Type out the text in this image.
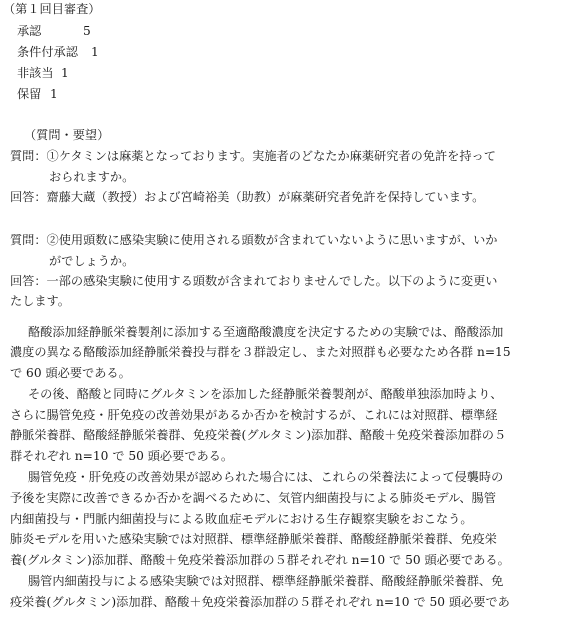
（第１回目審査）
承認	5
条件付承認 1
非該当 1
保留 1
（質問・要望）
質問：①ケタミンは麻薬となっております。実施者のどなたか麻薬研究者の免許を持って
おられますか。
回答：齋藤大蔵（教授）および宮崎裕美（助教）が麻薬研究者免許を保持しています。
質問：②使用頭数に感染実験に使用される頭数が含まれていないように思いますが、いか
がでしょうか。
回答：一部の感染実験に使用する頭数が含まれておりませんでした。以下のように変更い
たします。
酪酸添加経静脈栄養製剤に添加する至適酪酸濃度を決定するための実験では、酪酸添加
濃度の異なる酪酸添加経静脈栄養投与群を３群設定し、また対照群も必要なため各群 n=15
で 60 頭必要である。
その後、酪酸と同時にグルタミンを添加した経静脈栄養製剤が、酪酸単独添加時より、
さらに腸管免疫・肝免疫の改善効果があるか否かを検討するが、これには対照群、標準経
静脈栄養群、酪酸経静脈栄養群、免疫栄養(グルタミン)添加群、酪酸＋免疫栄養添加群の５
群それぞれ n=10 で 50 頭必要である。
腸管免疫・肝免疫の改善効果が認められた場合には、これらの栄養法によって侵襲時の
予後を実際に改善できるか否かを調べるために、気管内細菌投与による肺炎モデル、腸管
内細菌投与・門脈内細菌投与による敗血症モデルにおける生存観察実験をおこなう。
肺炎モデルを用いた感染実験では対照群、標準経静脈栄養群、酪酸経静脈栄養群、免疫栄
養(グルタミン)添加群、酪酸＋免疫栄養添加群の５群それぞれ n=10 で 50 頭必要である。
腸管内細菌投与による感染実験では対照群、標準経静脈栄養群、酪酸経静脈栄養群、免
疫栄養(グルタミン)添加群、酪酸＋免疫栄養添加群の５群それぞれ n=10 で 50 頭必要であ
